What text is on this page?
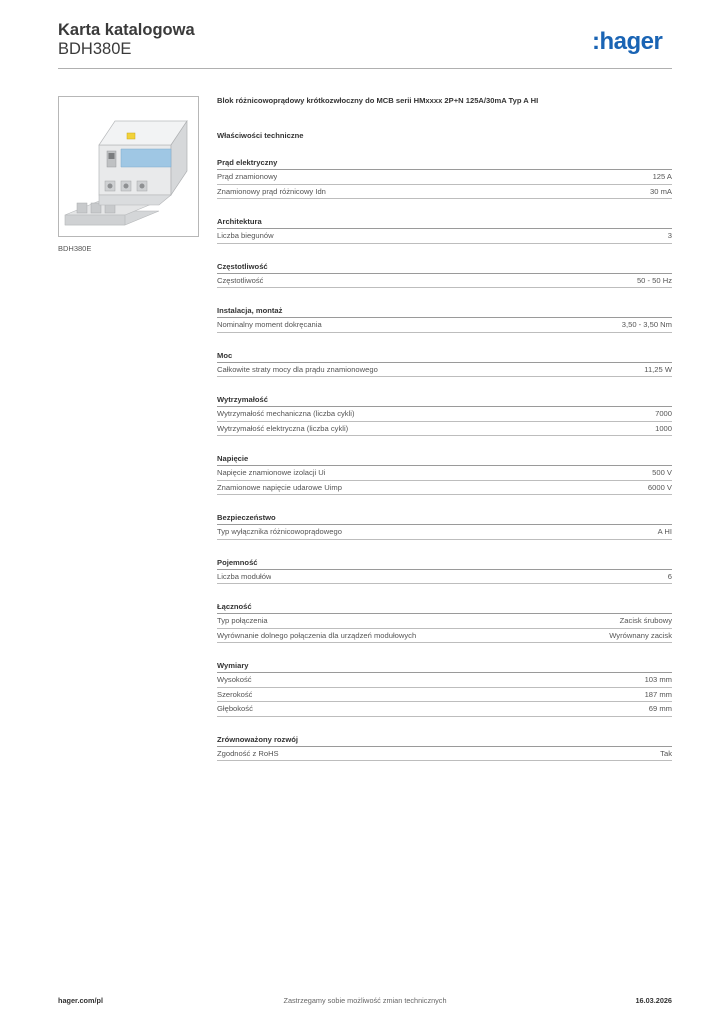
Karta katalogowa
BDH380E	:hager
BDH380E
Blok różnicowoprądowy krótkozwłoczny do MCB serii HMxxxx 2P+N 125A/30mA Typ A HI
Właściwości techniczne
Prąd elektryczny
Prąd znamionowy	125 A
Znamionowy prąd różnicowy Idn	30 mA
Architektura
Liczba biegunów	3
Częstotliwość
Częstotliwość	50 - 50 Hz
Instalacja, montaż
Nominalny moment dokręcania	3,50 - 3,50 Nm
Moc
Całkowite straty mocy dla prądu znamionowego	11,25 W
Wytrzymałość
Wytrzymałość mechaniczna (liczba cykli)	7000
Wytrzymałość elektryczna (liczba cykli)	1000
Napięcie
Napięcie znamionowe izolacji Ui	500 V
Znamionowe napięcie udarowe Uimp	6000 V
Bezpieczeństwo
Typ wyłącznika różnicowoprądowego	A HI
Pojemność
Liczba modułów	6
Łączność
Typ połączenia	Zacisk śrubowy
Wyrównanie dolnego połączenia dla urządzeń modułowych	Wyrównany zacisk
Wymiary
Wysokość	103 mm
Szerokość	187 mm
Głębokość	69 mm
Zrównoważony rozwój
Zgodność z RoHS	Tak
hager.com/pl	Zastrzegamy sobie możliwość zmian technicznych	16.03.2026
